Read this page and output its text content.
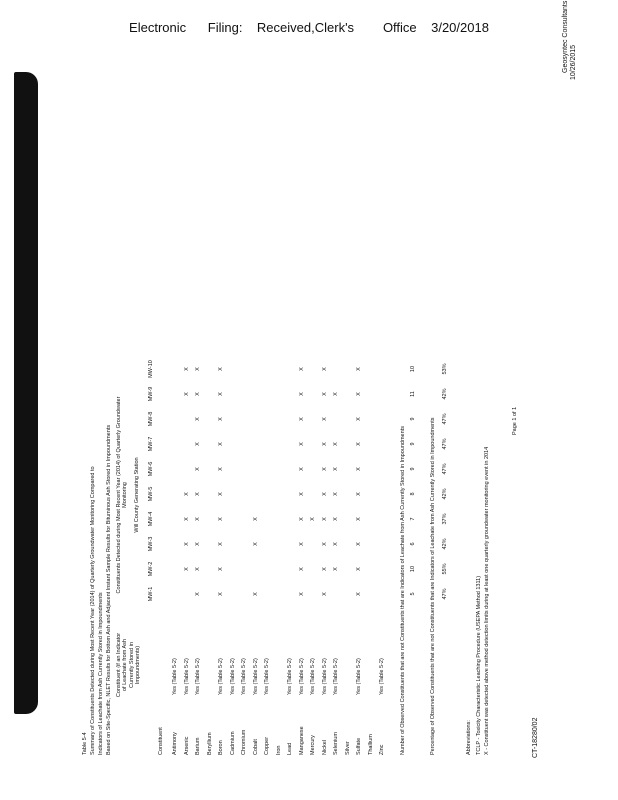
Electronic      Filing:    Received,Clerk's        Office    3/20/2018
CT-18280/02
Geosyntec Consultants 10/26/2015
Table 5-4 Summary of Constituents Detected during Most Recent Year (2014) of Quarterly Groundwater Monitoring Compared to Indicators of Leachate from Ash Currently Stored in Impoundments Based on Site-Specific, NLET Results for Bottom Ash and Adjacent Instant Sample Results for Bituminous Ash Stored in Impoundments Constituent (if an Indicator of Leachate from Ash Currently Stored in Impoundments)
Constituent
Constituents Detected during Most Recent Year (2014) of Quarterly Groundwater Monitoring Will County Generating Station
MW-1
MW-2
MW-3
MW-4
MW-5
MW-6
MW-7
MW-8
MW-9
MW-10
Antimony
Yes (Table 5-2)
Arsenic
Yes (Table 5-2)
X
X
X
X
X
X
Barium
Yes (Table 5-2)
X
X
X
X
X
X
X
X
X
X
Beryllium Boron
Yes (Table 5-2)
X
X
X
X
X
X
X
X
X
X
Cadmium
Yes (Table 5-2)
Chromium
Yes (Table 5-2)
Cobalt
Yes (Table 5-2)
X
X
X
Copper
Yes (Table 5-2)
Iron Lead
Yes (Table 5-2)
Manganese
Yes (Table 5-2)
X
X
X
X
X
X
X
X
X
X
Mercury
Yes (Table 5-2)
X
Nickel
Yes (Table 5-2)
X
X
X
X
X
X
X
X
X
X
Selenium
Yes (Table 5-2)
X
X
X
X
X
X
X
Silver Sulfate
Yes (Table 5-2)
X
X
X
X
X
X
X
X
X
X
Thallium Zinc
Yes (Table 5-2)	Number of Observed Constituents that are not Constituents that are Indicators of Leachate from Ash Currently Stored in Impoundments 5
10
6
7
8
9
9
9
11
10
Percentage of Observed Constituents that are not Constituents that are Indicators of Leachate from Ash Currently Stored in Impoundments 47%
55%
42%
37%
42%
47%
47%
47%
42%
53%
Abbreviations: TCLP - Toxicity Characteristic Leaching Procedure (USEPA Method 1311) X - Constituent was detected above method detection limits during at least one quarterly groundwater monitoring event in 2014
Page 1 of 1
